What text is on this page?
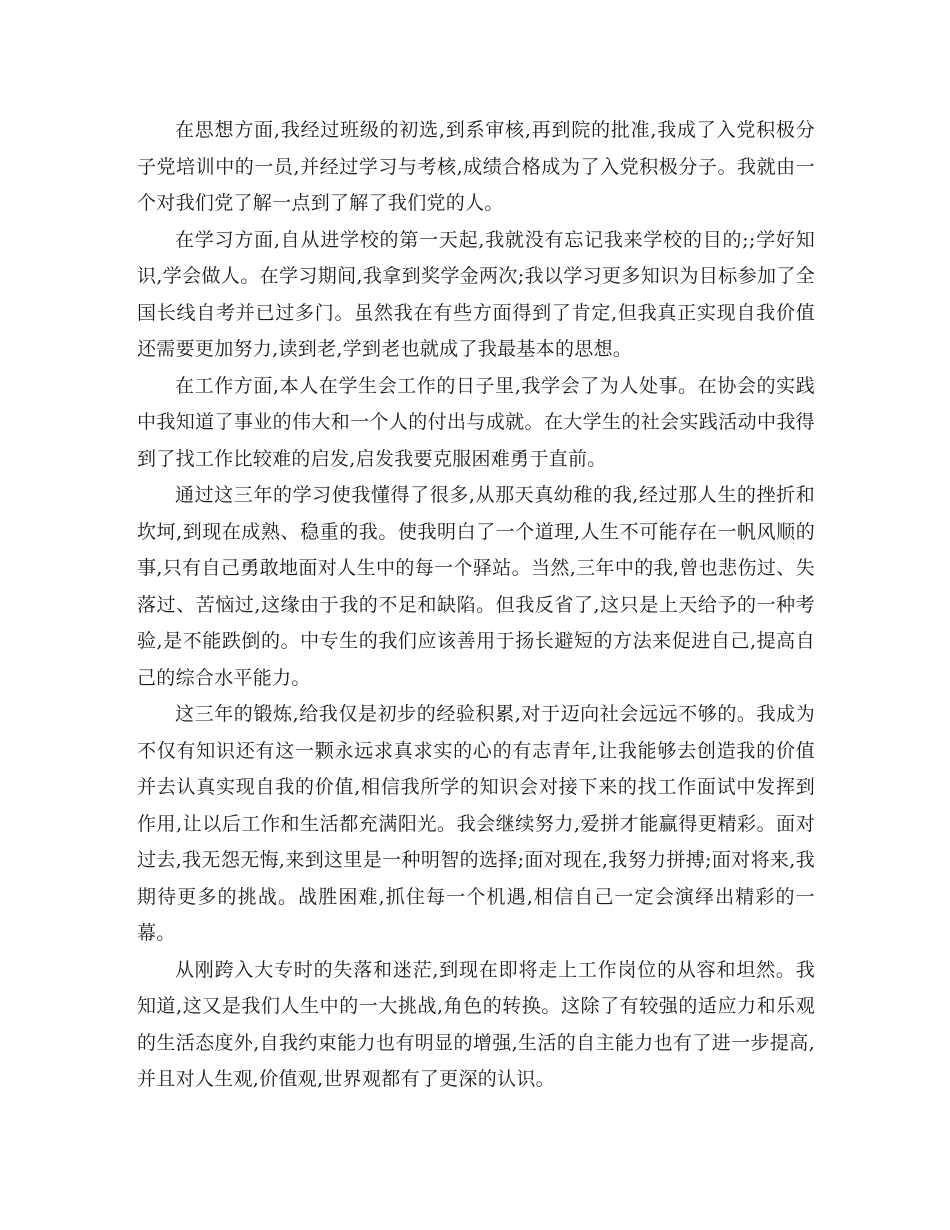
在思想方面,我经过班级的初选,到系审核,再到院的批准,我成了入党积极分子党培训中的一员,并经过学习与考核,成绩合格成为了入党积极分子。我就由一个对我们党了解一点到了解了我们党的人。

在学习方面,自从进学校的第一天起,我就没有忘记我来学校的目的;;学好知识,学会做人。在学习期间,我拿到奖学金两次;我以学习更多知识为目标参加了全国长线自考并已过多门。虽然我在有些方面得到了肯定,但我真正实现自我价值还需要更加努力,读到老,学到老也就成了我最基本的思想。

在工作方面,本人在学生会工作的日子里,我学会了为人处事。在协会的实践中我知道了事业的伟大和一个人的付出与成就。在大学生的社会实践活动中我得到了找工作比较难的启发,启发我要克服困难勇于直前。

通过这三年的学习使我懂得了很多,从那天真幼稚的我,经过那人生的挫折和坎坷,到现在成熟、稳重的我。使我明白了一个道理,人生不可能存在一帆风顺的事,只有自己勇敢地面对人生中的每一个驿站。当然,三年中的我,曾也悲伤过、失落过、苦恼过,这缘由于我的不足和缺陷。但我反省了,这只是上天给予的一种考验,是不能跌倒的。中专生的我们应该善用于扬长避短的方法来促进自己,提高自己的综合水平能力。

这三年的锻炼,给我仅是初步的经验积累,对于迈向社会远远不够的。我成为不仅有知识还有这一颗永远求真求实的心的有志青年,让我能够去创造我的价值并去认真实现自我的价值,相信我所学的知识会对接下来的找工作面试中发挥到作用,让以后工作和生活都充满阳光。我会继续努力,爱拼才能赢得更精彩。面对过去,我无怨无悔,来到这里是一种明智的选择;面对现在,我努力拼搏;面对将来,我期待更多的挑战。战胜困难,抓住每一个机遇,相信自己一定会演绎出精彩的一幕。

从刚跨入大专时的失落和迷茫,到现在即将走上工作岗位的从容和坦然。我知道,这又是我们人生中的一大挑战,角色的转换。这除了有较强的适应力和乐观的生活态度外,自我约束能力也有明显的增强,生活的自主能力也有了进一步提高,并且对人生观,价值观,世界观都有了更深的认识。
